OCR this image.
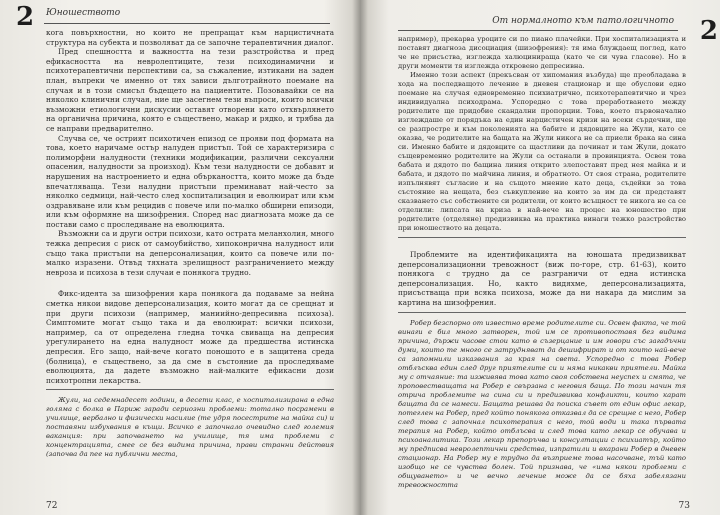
2 Юношеството

кога повърхностни, но които не препращат към нарцистичната структура на субекта и позволяват да се започне терапевтичния диалог.

Пред спешността и важността на тези разстройства и пред ефикасността на невролептиците, тези психодинамични и психотерапевтични перспективи са, за съжаление, изтикани на заден план, въпреки че именно от тях зависи дълготрайното поемане на случая и в този смисъл бъдещето на пациентите. Позовавайки се на няколко клинични случая, ние ще засегнем тези въпроси, които всички възможни етиологични дискусии оставят отворени като отхвърлянето на органична причина, която е съществено, макар и рядко, и трябва да се направи предварително.

Случва се, че острият психотичен епизод се прояви под формата на това, което наричаме остър налуден пристъп. Той се характеризира с полиморфни налудности (техники модификации, различни сексуални опасения, налудности за произход). Към тези налудности се добавят и нарушения на настроението и една объркаността, които може да бъде впечатляваща. Тези налудни пристъпи преминават най-често за няколко седмици, най-често след хоспитализация и еволюират или към оздравяване или към рецидив с повече или по-малко обширни епизоди, или към оформяне на шизофрения. Според нас диагнозата може да се постави само с проследяване на еволюцията.

Възможни са и други остри психози, като острата меланхолия, много тежка депресия с риск от самоубийство, хипоконрична налудност или също така пристъпи на деперсонализация, които са повече или по-малко изразени. Отвъд тяхната зрелищност разграничението между невроза и психоза в тези случаи е понякога трудно.

Фикс-идеята за шизофрения кара понякога да подаваме за нейна сметка някои видове деперсонализация, които могат да се срещнат и при други психози (например, маниийно-депресивна психоза). Симптомите могат също така и да еволюират: всички психози, например, са от определена гледна точка свиваща на депресия урегулирането на една налудност може да предшества истинска депресия. Его защо, най-вече когато поношото е в защитена среда (болница), е съществено, за да сме в състояние да проследяваме еволюцията, да дадете възможно най-малките ефикасни дози психотропни лекарства.

Жули, на седемнадесет години, в десети клас, е хоспитализирана в една голяма с болка в Париж заради сериозни проблеми: тотално посрамени в училище, вербално и физически насилие (те удря посестрите на майка си) и поставяни избухвания в къщи. Всичко е започнало очевидно след големия ваканция: при започването на училище, тя има проблеми с концентрацията, смее се без видима причина, прави странни действия (започва да пее на публични места,

72
2
От нормалното към патологичното

например), прекарва уроците си по пиано плачейки. При хоспитализацията и поставят диагноза дисоциация (шизофрения): тя има блуждаещ поглед, като че не присъства, изглежда халюцинираща (като че си чува гласове). Но в други моменти тя изглежда откровено депресивна.

Именно този аспект (прекъсван от хипомания възбуда) ще преобладава в хода на последващото лечение в дневен стационар и ще обуслови едно поемане на случая едновременно психиатрично, психотерапевтично и чрез индивидуална психодрама. Успоредно с това преработването между родителите ще придобие скандални пропорции. Това, което първоначално изглеждаше от порядъка на един нарцистичен кризи на всеки сърдечни, ще се разпростре и към поколенията на бабите и дядовците на Жули, като се оказва, че родителите на бащата на Жули никога не са приели брака на сина си. Именно бабите и дядовците са щастливи да починат и там Жули, докато същевременно родителите на Жули са останали в провинцията. Освен това бабата и дядото по бащина линия открито злепоставят пред нея майка и и бабата, и дядото по майчина линия, и обратното. От своя страна, родителите изпълнявят съгласие и на същото мнение като деца, съдейки за това състояние на нещата, без съвкупление на които за им да си представят сказването със собствените си родители, от които всъщност те никога не са се отделили: липсата на криза в най-вече на процес на юношество при родителите (отделяне) предизвиква на практика винаги тежко разстройство при юношеството на децата.

Проблемите на идентификацията на юношата предизвикват деперсонализационни тревожност (виж по-горе, стр. 61-63), които понякога с трудно да се разграничи от една истинска деперсонализация. Но, както видяхме, деперсонализацията, присъстваща при всяка психоза, може да ни накара да мислим за картина на шизофрения.

Робер безспорно от известно време родителите си. Освен факта, че той винаги е бил много затворен, той им се противопоставя без видима причина, държи часове стои като в съзерцание и им говори със загадъчни думи, които те много се затрудняват да дешифрират и от които най-вече са запомнили изказвания за края на света. Успоредно с това Робер отблъсква един след друг приятелите си и няма никакви приятели. Майка му с отчаяние: та изживява това като своя собствена неуспех и смята, че проповестващата на Робер е свързана с неговия баща. По този начин тя отрича проблемите на сина си и предизвиква конфликти, които карат бащата да се намеси. Бащата решава да поиска съвет от един офис лекар, потеглен на Робер, пред който понякога отказвал да се срещне с него, Робер след това с започнал психотерапия с него, той води и така първата терапия на Робер, който отблъсва и след това като лекар се обучава и психоаналитика. Този лекар препоръчва и консултации с психиатър, който му предписва невролептични средства, изпратили и вкарани Робер в дневен стационар. На Робер му е трудно да възприеме това насочване, тъй като изобщо не се чувства болен. Той признава, че «има някои проблеми с общуването» и че вечно лечение може да се бяха забелязани тревожността

73
